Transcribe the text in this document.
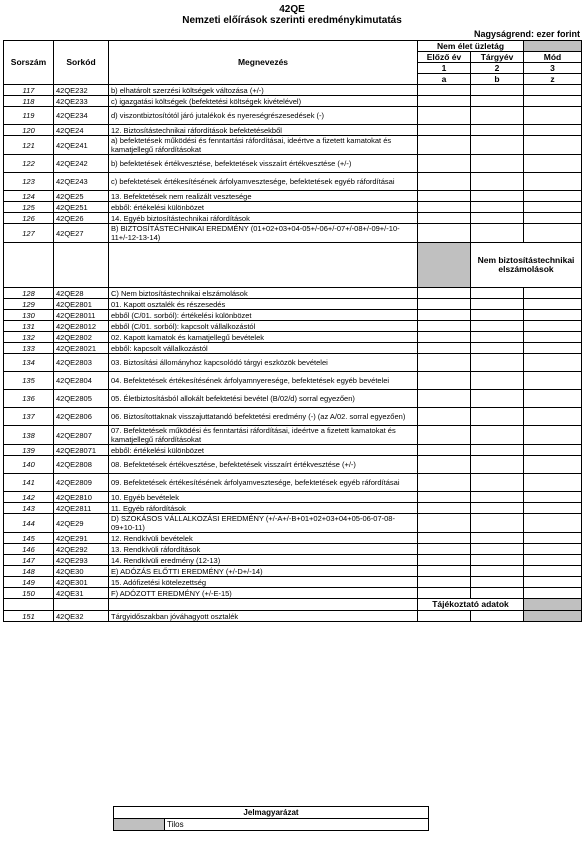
42QE
Nemzeti előírások szerinti eredménykimutatás
Nagyságrend: ezer forint
Sorszám	Sorkód	Megnevezés	Nem élet üzletág		
			Előző év	Tárgyév	Mód
			1	2	3
			a	b	z
117	42QE232	b) elhatárolt szerzési költségek változása (+/-)			
118	42QE233	c) igazgatási költségek (befektetési költségek kivételével)			
119	42QE234	d) viszontbiztosítótól járó jutalékok és nyereségrészesedések (-)			
120	42QE24	12. Biztosítástechnikai ráfordítások befektetésekből			
121	42QE241	a) befektetések működési és fenntartási ráfordításai, ideértve a fizetett kamatokat és kamatjellegű ráfordításokat			
122	42QE242	b) befektetések értékvesztése, befektetések visszaírt értékvesztése (+/-)			
123	42QE243	c) befektetések értékesítésének árfolyamvesztesége, befektetések egyéb ráfordításai			
124	42QE25	13. Befektetések nem realizált vesztesége			
125	42QE251	ebből: értékelési különbözet			
126	42QE26	14. Egyéb biztosítástechnikai ráfordítások			
127	42QE27	B) BIZTOSÍTÁSTECHNIKAI EREDMÉNY (01+02+03+04-05+/-06+/-07+/-08+/-09+/-10-11+/-12-13-14)			
				Nem biztosítástechnikai elszámolások	
128	42QE28	C) Nem biztosítástechnikai elszámolások			
129	42QE2801	01. Kapott osztalék és részesedés			
130	42QE28011	ebből (C/01. sorból): értékelési különbözet			
131	42QE28012	ebből (C/01. sorból): kapcsolt vállalkozástól			
132	42QE2802	02. Kapott kamatok és kamatjellegű bevételek			
133	42QE28021	ebből: kapcsolt vállalkozástól			
134	42QE2803	03. Biztosítási állományhoz kapcsolódó tárgyi eszközök bevételei			
135	42QE2804	04. Befektetések értékesítésének árfolyamnyeresége, befektetések egyéb bevételei			
136	42QE2805	05. Életbiztosításból allokált befektetési bevétel (B/02/d) sorral egyezően)			
137	42QE2806	06. Biztosítottaknak visszajuttatandó befektetési eredmény (-) (az A/02. sorral egyezően)			
138	42QE2807	07. Befektetések működési és fenntartási ráfordításai, ideértve a fizetett kamatokat és kamatjellegű ráfordításokat			
139	42QE28071	ebből: értékelési különbözet			
140	42QE2808	08. Befektetések értékvesztése, befektetések visszaírt értékvesztése (+/-)			
141	42QE2809	09. Befektetések értékesítésének árfolyamvesztesége, befektetések egyéb ráfordításai			
142	42QE2810	10. Egyéb bevételek			
143	42QE2811	11. Egyéb ráfordítások			
144	42QE29	D) SZOKÁSOS VÁLLALKOZÁSI EREDMÉNY (+/-A+/-B+01+02+03+04+05-06-07-08-09+10-11)			
145	42QE291	12. Rendkívüli bevételek			
146	42QE292	13. Rendkívüli ráfordítások			
147	42QE293	14. Rendkívüli eredmény (12-13)			
148	42QE30	E) ADÓZÁS ELŐTTI EREDMÉNY (+/-D+/-14)			
149	42QE301	15. Adófizetési kötelezettség			
150	42QE31	F) ADÓZOTT EREDMÉNY (+/-E-15)			
			Tájékoztató adatok		
151	42QE32	Tárgyidőszakban jóváhagyott osztalék			
Jelmagyarázat
	Tilos
